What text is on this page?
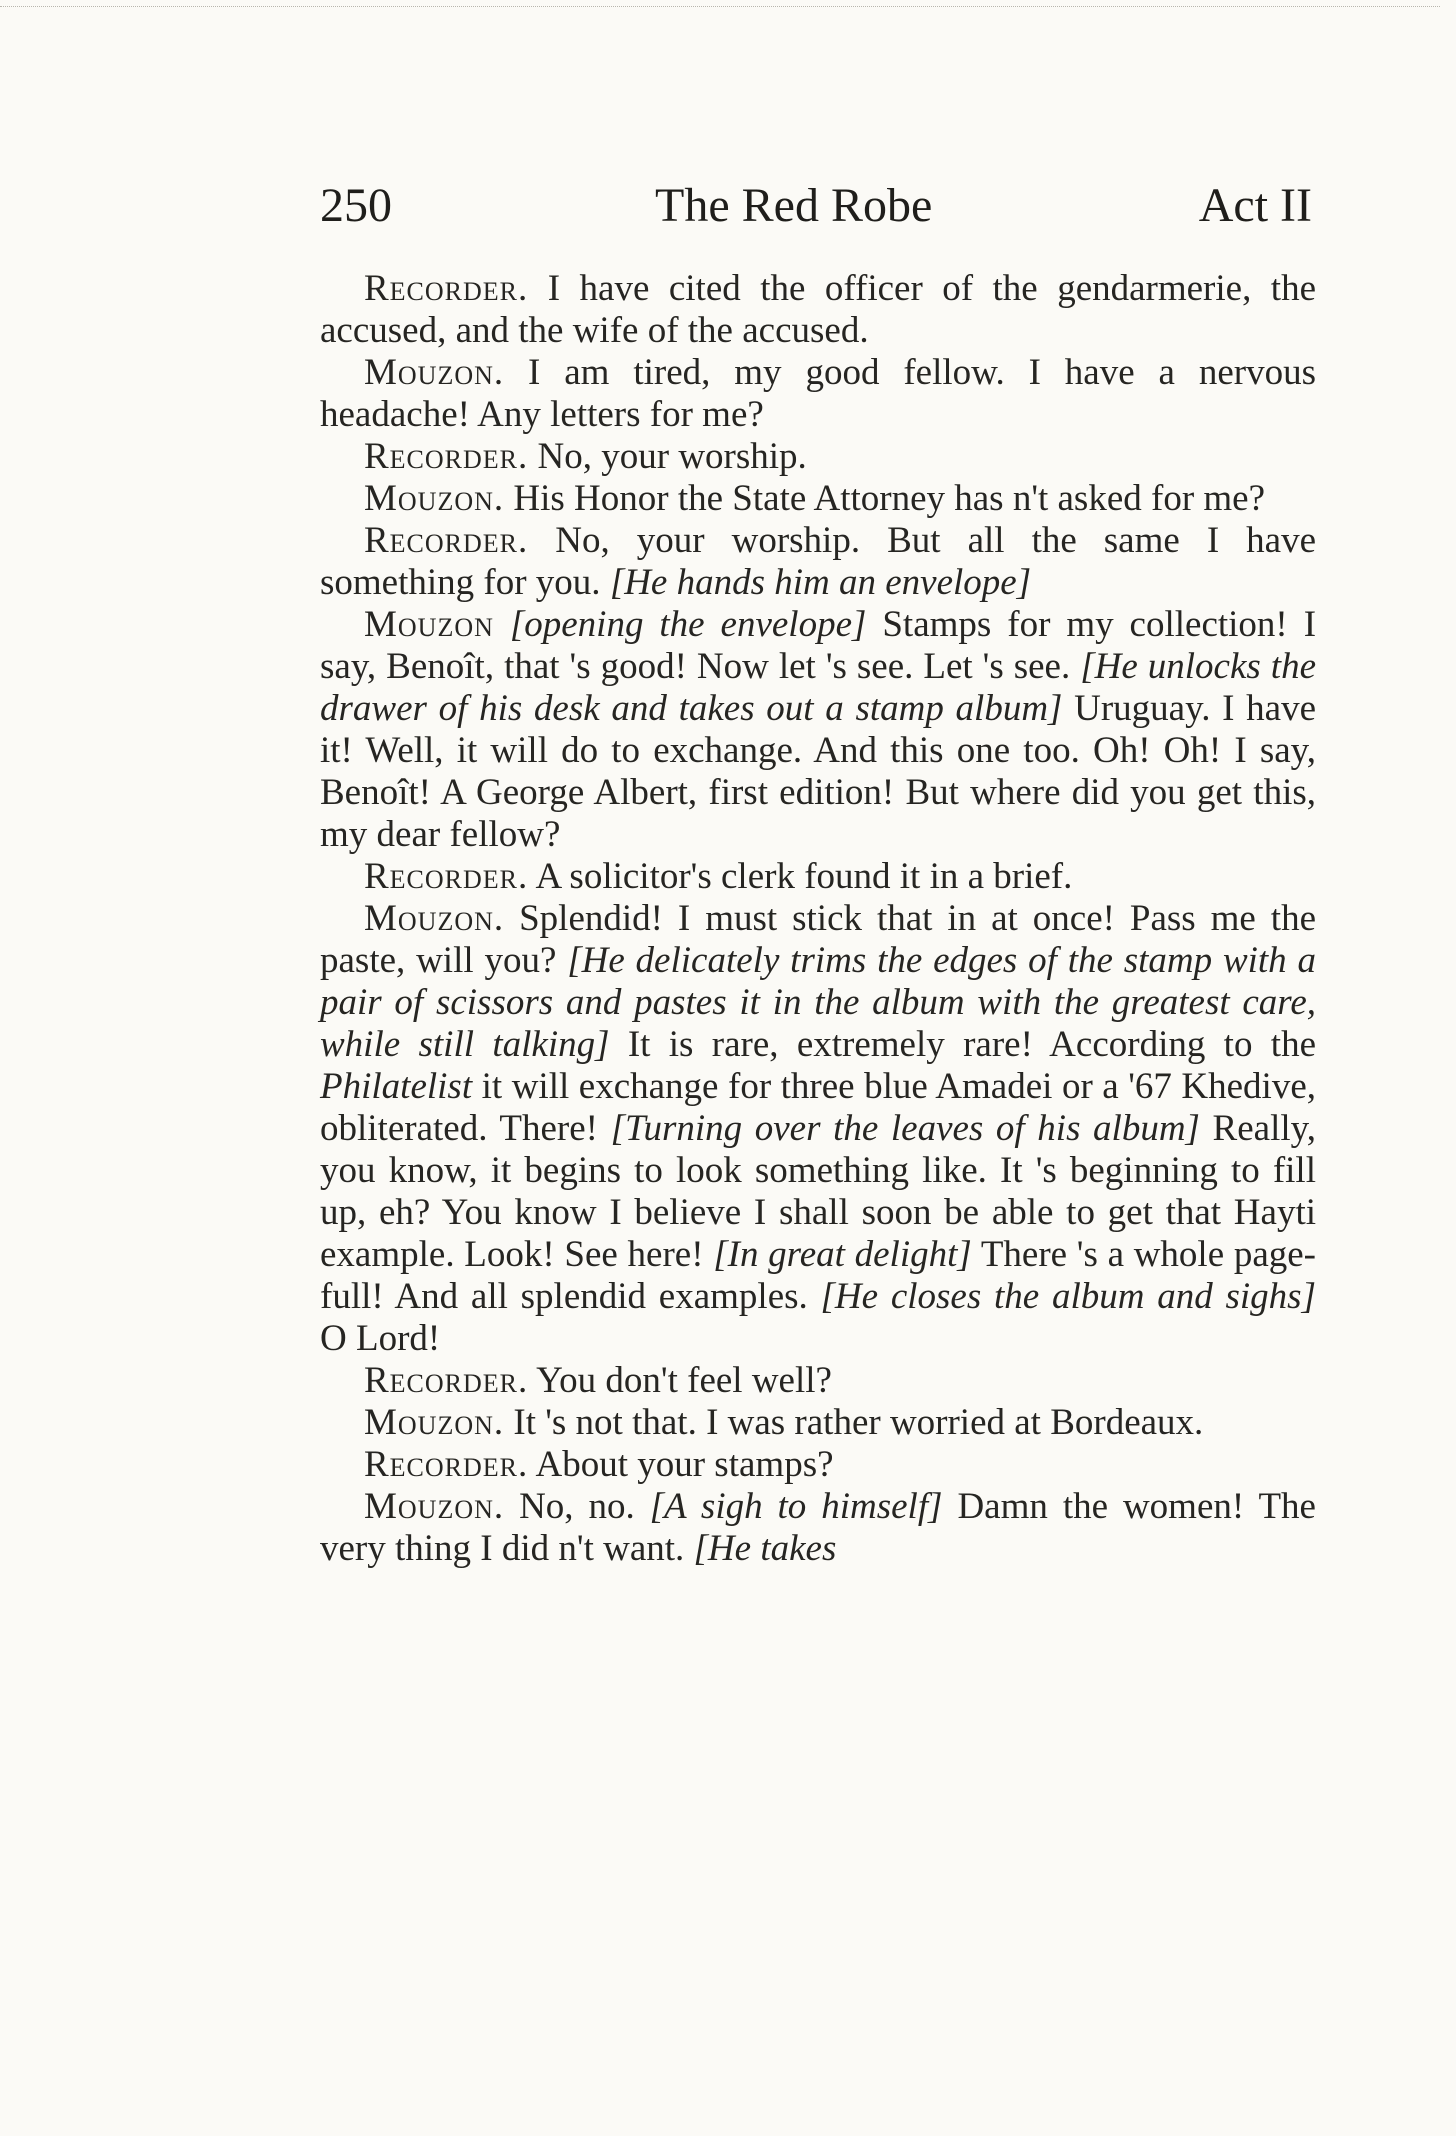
250	The Red Robe	Act II

Recorder. I have cited the officer of the gendarmerie, the accused, and the wife of the accused.

Mouzon. I am tired, my good fellow. I have a nervous headache! Any letters for me?

Recorder. No, your worship.

Mouzon. His Honor the State Attorney has n't asked for me?

Recorder. No, your worship. But all the same I have something for you. [He hands him an envelope]

Mouzon [opening the envelope] Stamps for my collection! I say, Benoît, that 's good! Now let 's see. Let 's see. [He unlocks the drawer of his desk and takes out a stamp album] Uruguay. I have it! Well, it will do to exchange. And this one too. Oh! Oh! I say, Benoît! A George Albert, first edition! But where did you get this, my dear fellow?

Recorder. A solicitor's clerk found it in a brief.

Mouzon. Splendid! I must stick that in at once! Pass me the paste, will you? [He delicately trims the edges of the stamp with a pair of scissors and pastes it in the album with the greatest care, while still talking] It is rare, extremely rare! According to the Philatelist it will exchange for three blue Amadei or a '67 Khedive, obliterated. There! [Turning over the leaves of his album] Really, you know, it begins to look something like. It 's beginning to fill up, eh? You know I believe I shall soon be able to get that Hayti example. Look! See here! [In great delight] There 's a whole page-full! And all splendid examples. [He closes the album and sighs] O Lord!

Recorder. You don't feel well?

Mouzon. It 's not that. I was rather worried at Bordeaux.

Recorder. About your stamps?

Mouzon. No, no. [A sigh to himself] Damn the women! The very thing I did n't want. [He takes
